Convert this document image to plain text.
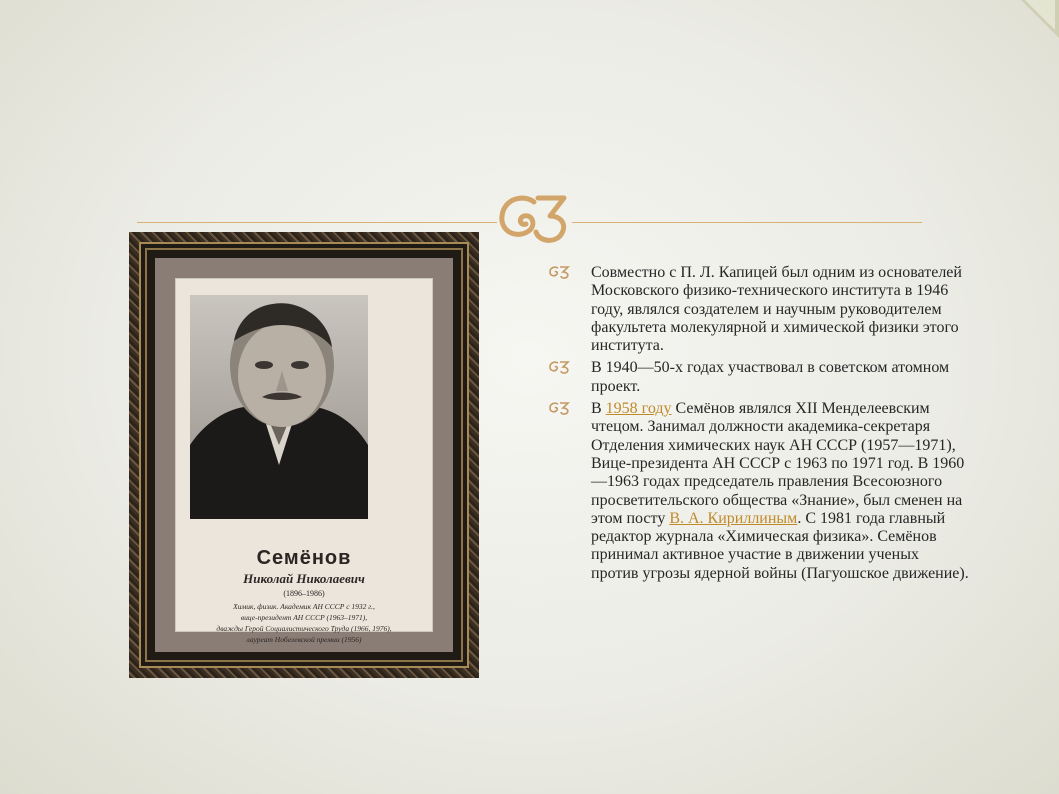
Семёнов
Николай Николаевич
(1896–1986)
Химик, физик. Академик АН СССР с 1932 г.,
вице-президент АН СССР (1963–1971),
дважды Герой Социалистического Труда (1966, 1976),
лауреат Нобелевской премии (1956)
Совместно с П. Л. Капицей был одним из основателей Московского физико-технического института в 1946 году, являлся создателем и научным руководителем факультета молекулярной и химической физики этого института.
В 1940—50-х годах участвовал в советском атомном проект.
В 1958 году Семёнов являлся XII Менделеевским чтецом. Занимал должности академика-секретаря Отделения химических наук АН СССР (1957—1971), Вице-президента АН СССР с 1963 по 1971 год. В 1960—1963 годах председатель правления Всесоюзного просветительского общества «Знание», был сменен на этом посту В. А. Кириллиным. С 1981 года главный редактор журнала «Химическая физика». Семёнов принимал активное участие в движении ученых против угрозы ядерной войны (Пагуошское движение).
